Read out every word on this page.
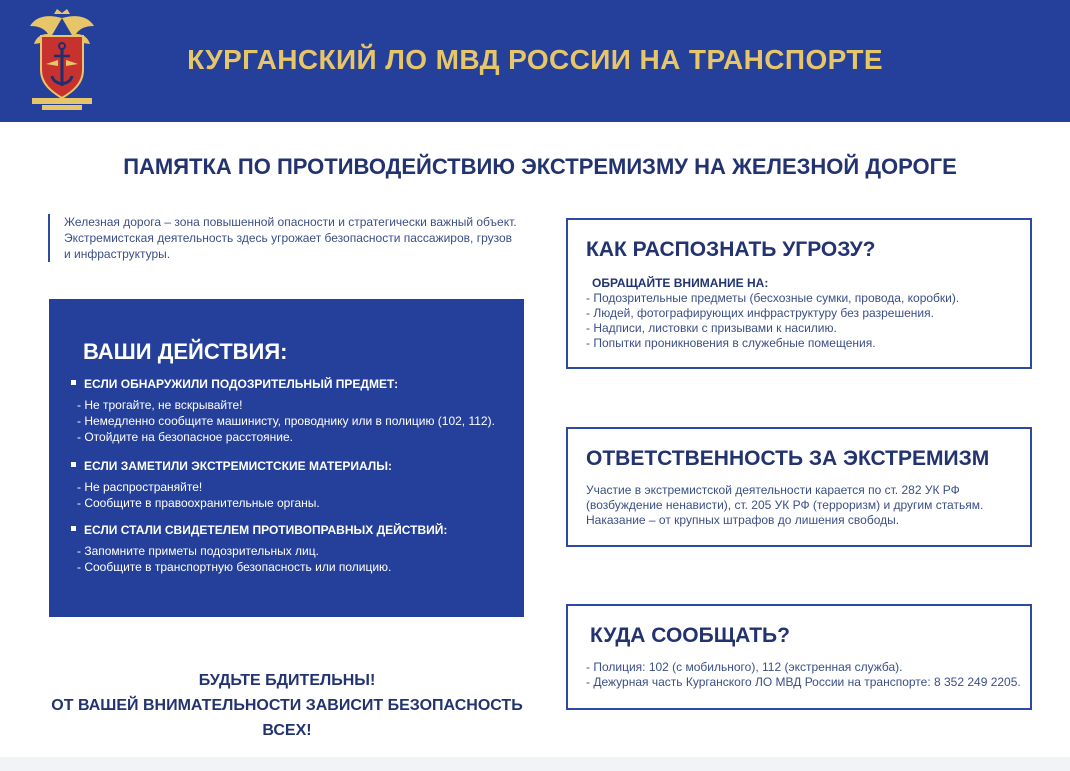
КУРГАНСКИЙ ЛО МВД РОССИИ НА ТРАНСПОРТЕ
ПАМЯТКА ПО ПРОТИВОДЕЙСТВИЮ ЭКСТРЕМИЗМУ НА ЖЕЛЕЗНОЙ ДОРОГЕ
Железная дорога – зона повышенной опасности и стратегически важный объект.
Экстремистская деятельность здесь угрожает безопасности пассажиров, грузов
и инфраструктуры.
ВАШИ ДЕЙСТВИЯ:
ЕСЛИ ОБНАРУЖИЛИ ПОДОЗРИТЕЛЬНЫЙ ПРЕДМЕТ:
- Не трогайте, не вскрывайте!
- Немедленно сообщите машинисту, проводнику или в полицию (102, 112).
- Отойдите на безопасное расстояние.
ЕСЛИ ЗАМЕТИЛИ ЭКСТРЕМИСТСКИЕ МАТЕРИАЛЫ:
- Не распространяйте!
- Сообщите в правоохранительные органы.
ЕСЛИ СТАЛИ СВИДЕТЕЛЕМ ПРОТИВОПРАВНЫХ ДЕЙСТВИЙ:
- Запомните приметы подозрительных лиц.
- Сообщите в транспортную безопасность или полицию.
КАК РАСПОЗНАТЬ УГРОЗУ?
ОБРАЩАЙТЕ ВНИМАНИЕ НА:
- Подозрительные предметы (бесхозные сумки, провода, коробки).
- Людей, фотографирующих инфраструктуру без разрешения.
- Надписи, листовки с призывами к насилию.
- Попытки проникновения в служебные помещения.
ОТВЕТСТВЕННОСТЬ ЗА ЭКСТРЕМИЗМ
Участие в экстремистской деятельности карается по ст. 282 УК РФ
(возбуждение ненависти), ст. 205 УК РФ (терроризм) и другим статьям.
Наказание – от крупных штрафов до лишения свободы.
КУДА СООБЩАТЬ?
- Полиция: 102 (с мобильного), 112 (экстренная служба).
- Дежурная часть Курганского ЛО МВД России на транспорте: 8 352 249 2205.
БУДЬТЕ БДИТЕЛЬНЫ!
ОТ ВАШЕЙ ВНИМАТЕЛЬНОСТИ ЗАВИСИТ БЕЗОПАСНОСТЬ ВСЕХ!
